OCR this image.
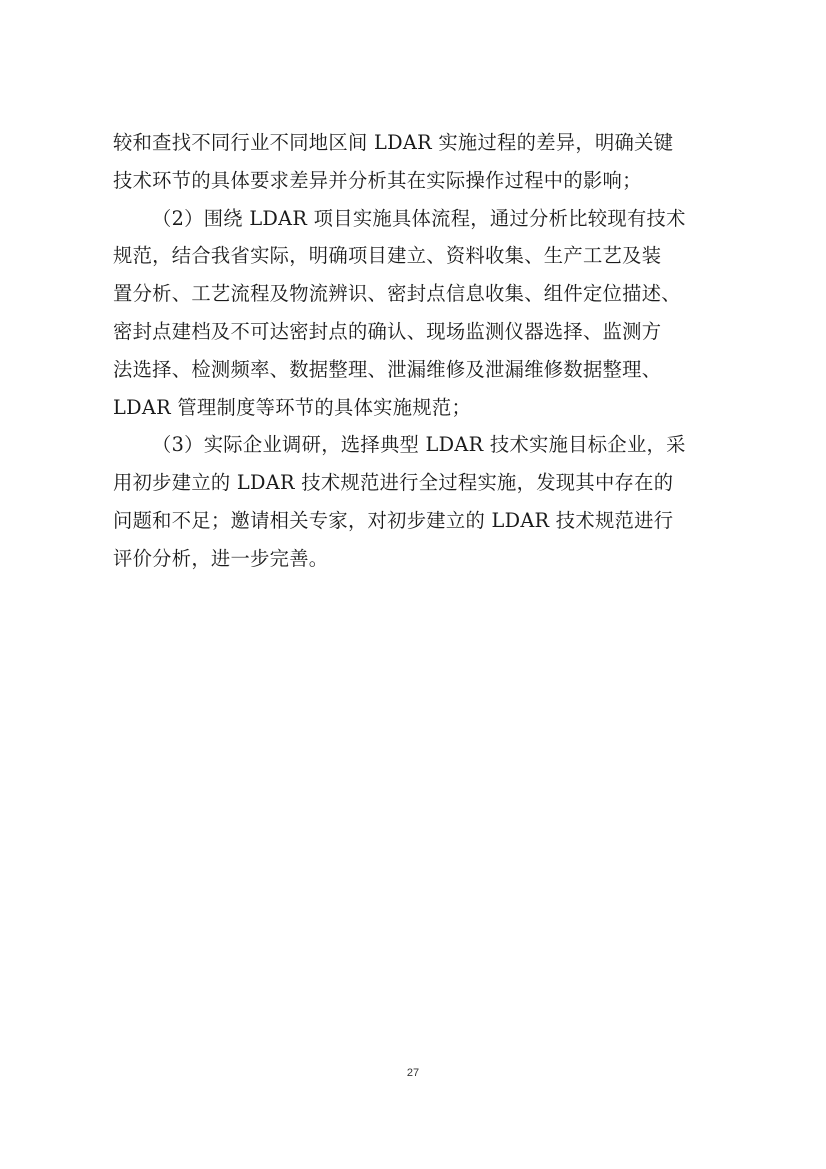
较和查找不同行业不同地区间 LDAR 实施过程的差异，明确关键
技术环节的具体要求差异并分析其在实际操作过程中的影响；

（2）围绕 LDAR 项目实施具体流程，通过分析比较现有技术
规范，结合我省实际，明确项目建立、资料收集、生产工艺及装
置分析、工艺流程及物流辨识、密封点信息收集、组件定位描述、
密封点建档及不可达密封点的确认、现场监测仪器选择、监测方
法选择、检测频率、数据整理、泄漏维修及泄漏维修数据整理、
LDAR 管理制度等环节的具体实施规范；

（3）实际企业调研，选择典型 LDAR 技术实施目标企业，采
用初步建立的 LDAR 技术规范进行全过程实施，发现其中存在的
问题和不足；邀请相关专家，对初步建立的 LDAR 技术规范进行
评价分析，进一步完善。

27
